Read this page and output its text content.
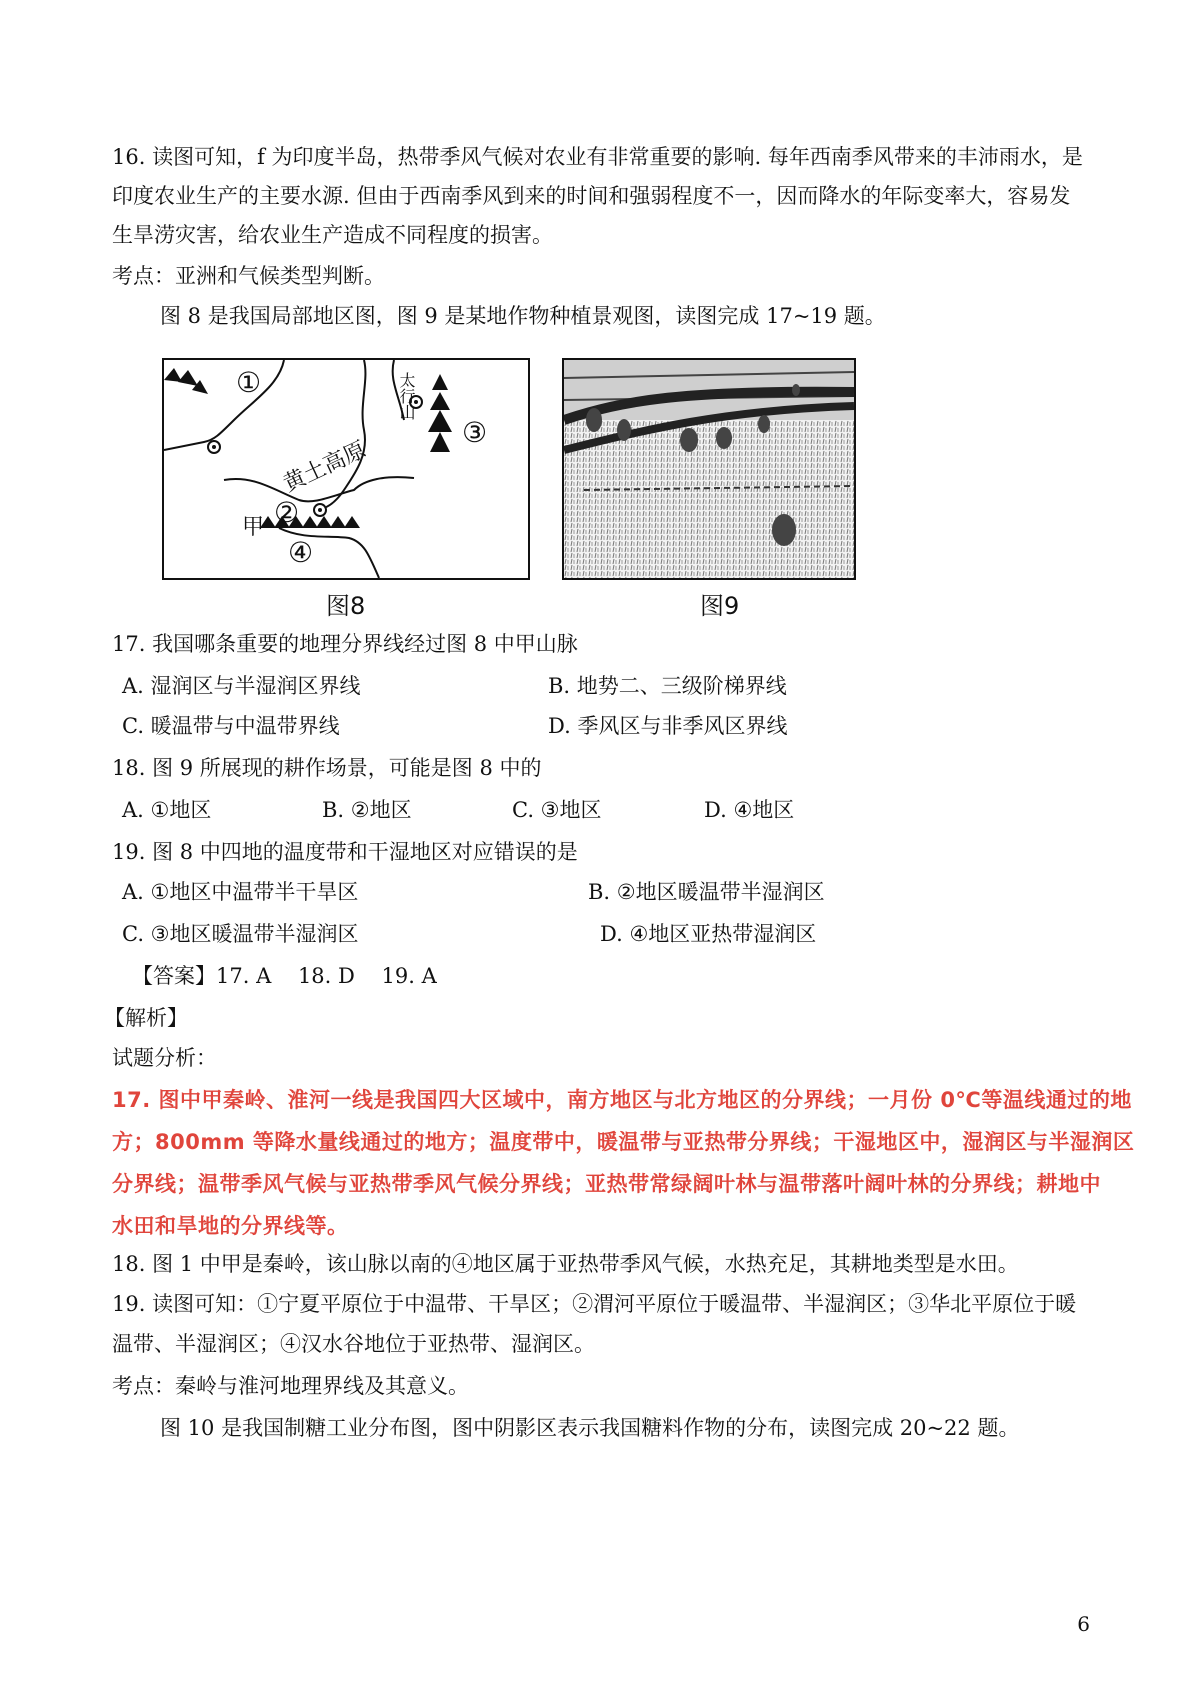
16. 读图可知，f 为印度半岛，热带季风气候对农业有非常重要的影响. 每年西南季风带来的丰沛雨水，是
印度农业生产的主要水源. 但由于西南季风到来的时间和强弱程度不一，因而降水的年际变率大，容易发
生旱涝灾害，给农业生产造成不同程度的损害。
考点：亚洲和气候类型判断。
图 8 是我国局部地区图，图 9 是某地作物种植景观图，读图完成 17~19 题。
①
②
③
④
黄土高原
太行山
甲
图8	图9
17. 我国哪条重要的地理分界线经过图 8 中甲山脉
A. 湿润区与半湿润区界线	B. 地势二、三级阶梯界线
C. 暖温带与中温带界线	D. 季风区与非季风区界线
18. 图 9 所展现的耕作场景，可能是图 8 中的
A. ①地区	B. ②地区	C. ③地区	D. ④地区
19. 图 8 中四地的温度带和干湿地区对应错误的是
A. ①地区中温带半干旱区	B. ②地区暖温带半湿润区
C. ③地区暖温带半湿润区	D. ④地区亚热带湿润区
【答案】17. A    18. D    19. A
【解析】
试题分析：
17. 图中甲秦岭、淮河一线是我国四大区域中，南方地区与北方地区的分界线；一月份 0℃等温线通过的地
方；800mm 等降水量线通过的地方；温度带中，暖温带与亚热带分界线；干湿地区中，湿润区与半湿润区
分界线；温带季风气候与亚热带季风气候分界线；亚热带常绿阔叶林与温带落叶阔叶林的分界线；耕地中
水田和旱地的分界线等。
18. 图 1 中甲是秦岭，该山脉以南的④地区属于亚热带季风气候，水热充足，其耕地类型是水田。
19. 读图可知：①宁夏平原位于中温带、干旱区；②渭河平原位于暖温带、半湿润区；③华北平原位于暖
温带、半湿润区；④汉水谷地位于亚热带、湿润区。
考点：秦岭与淮河地理界线及其意义。
图 10 是我国制糖工业分布图，图中阴影区表示我国糖料作物的分布，读图完成 20~22 题。
6
